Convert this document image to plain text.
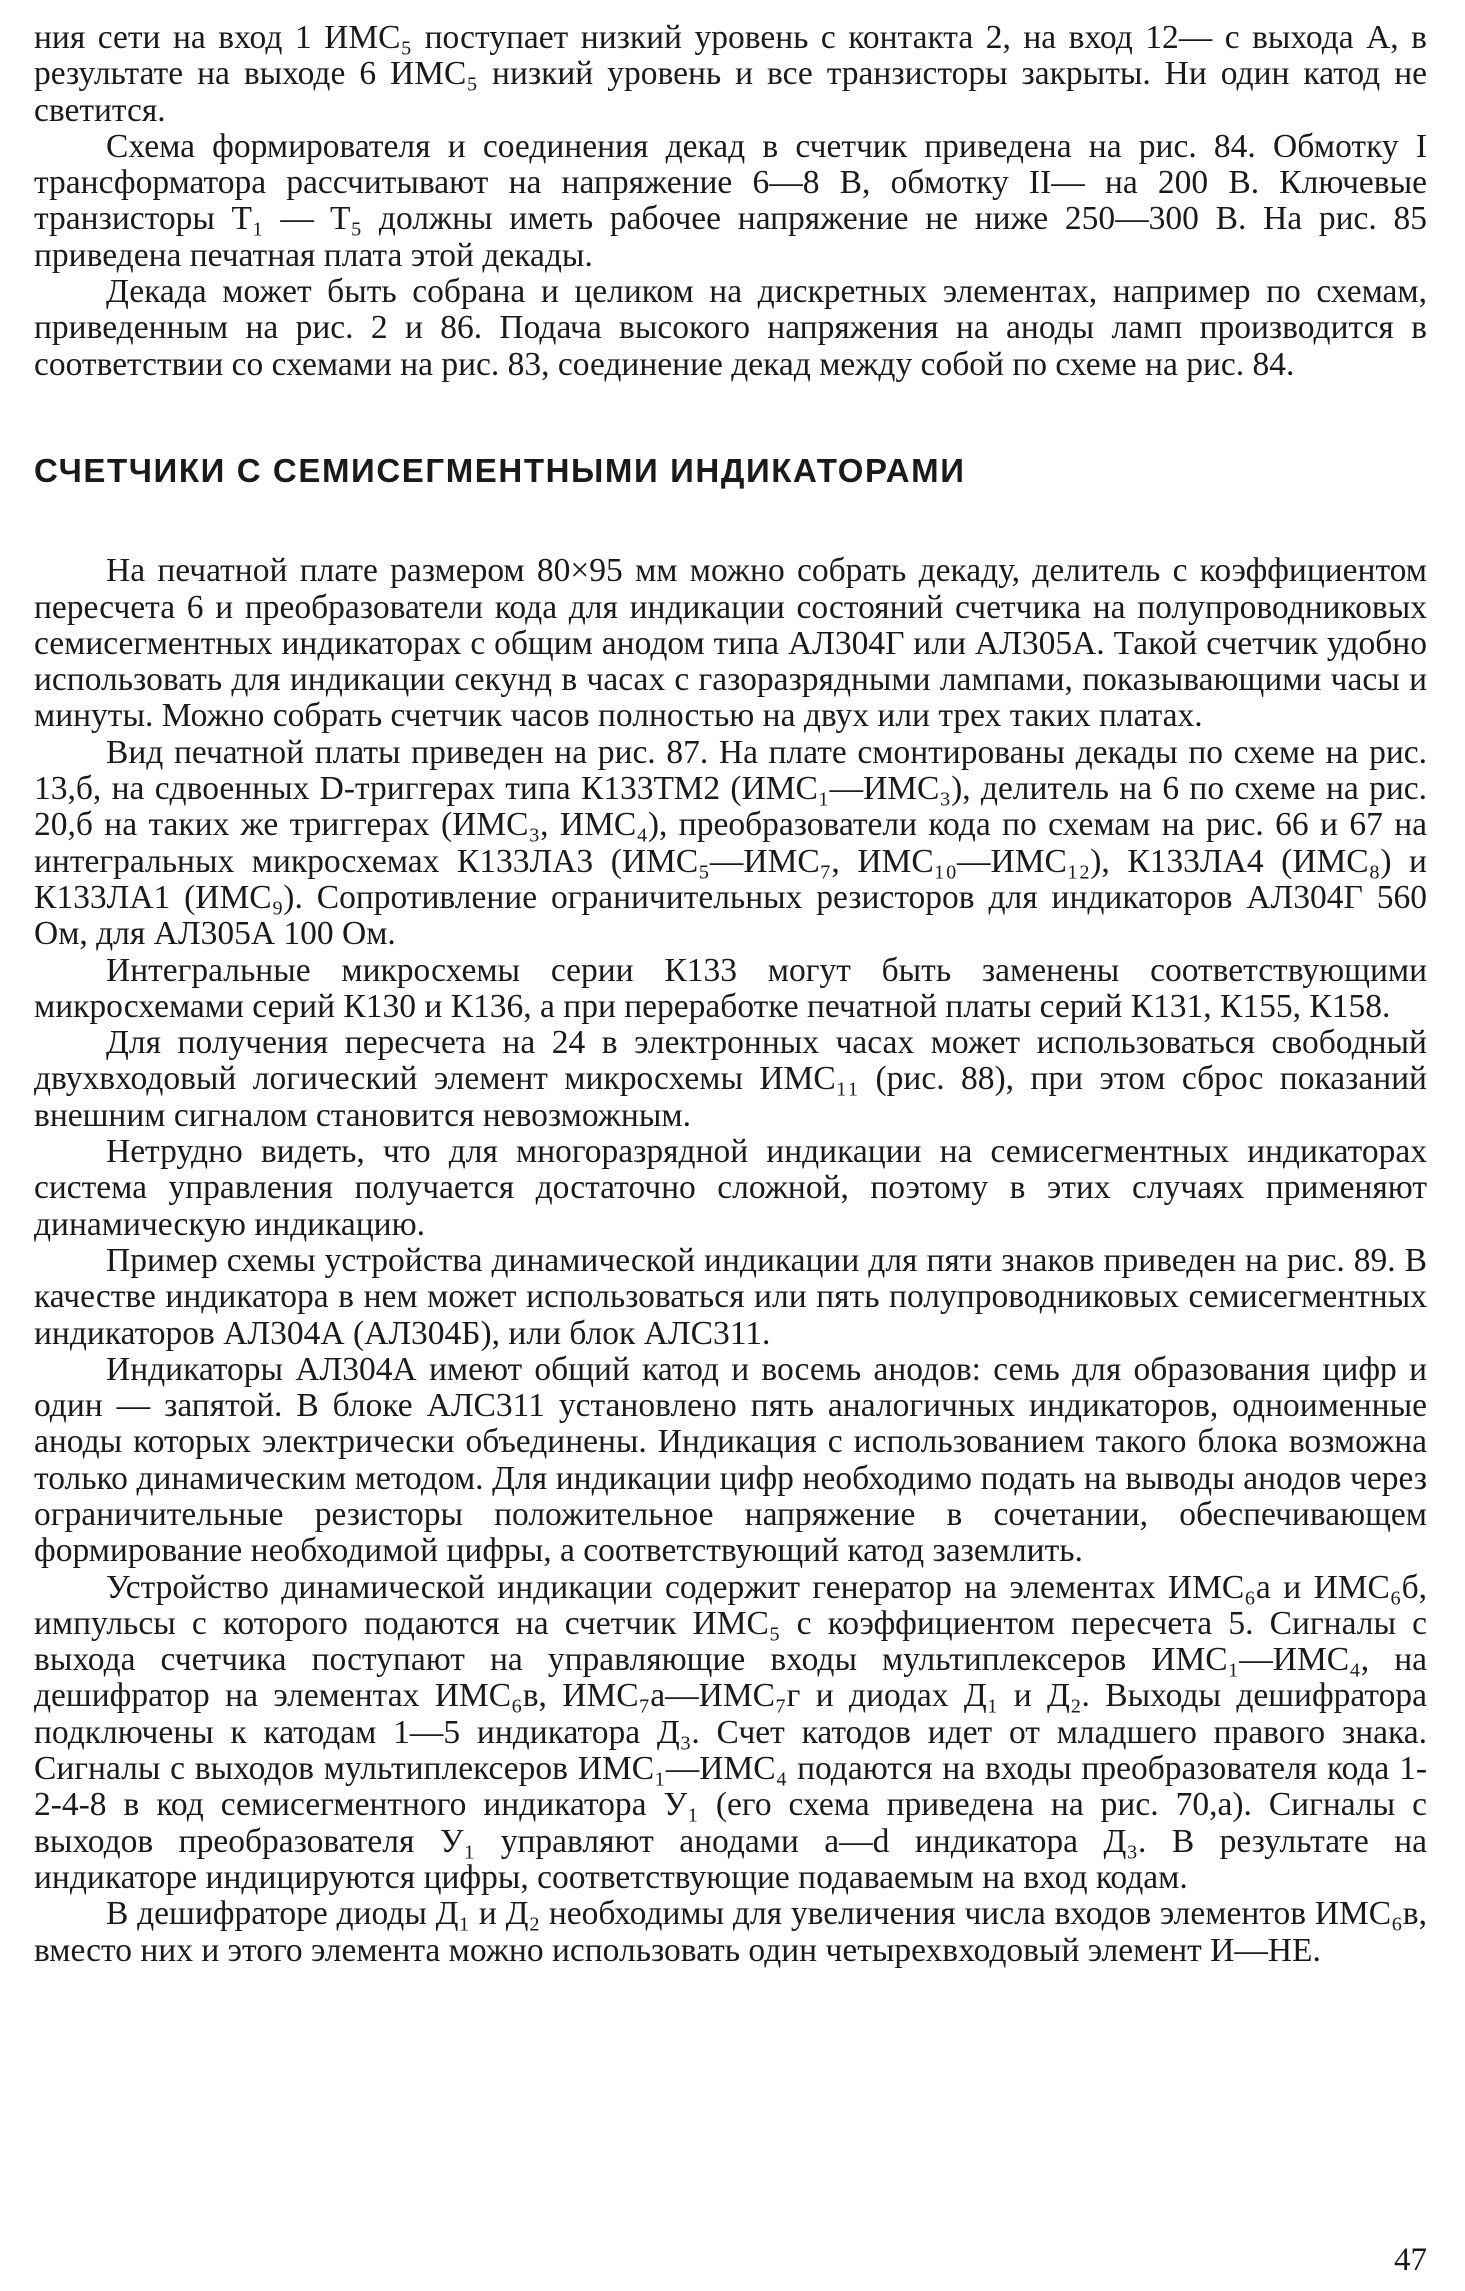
ния сети на вход 1 ИМС₅ поступает низкий уровень с контакта 2, на вход 12— с выхода А, в результате на выходе 6 ИМС₅ низкий уровень и все транзисторы закрыты. Ни один катод не светится.

Схема формирователя и соединения декад в счетчик приведена на рис. 84. Обмотку I трансформатора рассчитывают на напряжение 6—8 В, обмотку II— на 200 В. Ключевые транзисторы T₁ — T₅ должны иметь рабочее напряжение не ниже 250—300 В. На рис. 85 приведена печатная плата этой декады.

Декада может быть собрана и целиком на дискретных элементах, например по схемам, приведенным на рис. 2 и 86. Подача высокого напряжения на аноды ламп производится в соответствии со схемами на рис. 83, соединение декад между собой по схеме на рис. 84.

СЧЕТЧИКИ С СЕМИСЕГМЕНТНЫМИ ИНДИКАТОРАМИ

На печатной плате размером 80×95 мм можно собрать декаду, делитель с коэффициентом пересчета 6 и преобразователи кода для индикации состояний счетчика на полупроводниковых семисегментных индикаторах с общим анодом типа АЛ304Г или АЛ305А. Такой счетчик удобно использовать для индикации секунд в часах с газоразрядными лампами, показывающими часы и минуты. Можно собрать счетчик часов полностью на двух или трех таких платах.

Вид печатной платы приведен на рис. 87. На плате смонтированы декады по схеме на рис. 13,б, на сдвоенных D-триггерах типа К133ТМ2 (ИМС₁—ИМС₃), делитель на 6 по схеме на рис. 20,б на таких же триггерах (ИМС₃, ИМС₄), преобразователи кода по схемам на рис. 66 и 67 на интегральных микросхемах К133ЛА3 (ИМС₅—ИМС₇, ИМС₁₀—ИМС₁₂), К133ЛА4 (ИМС₈) и К133ЛА1 (ИМС₉). Сопротивление ограничительных резисторов для индикаторов АЛ304Г 560 Ом, для АЛ305А 100 Ом.

Интегральные микросхемы серии К133 могут быть заменены соответствующими микросхемами серий К130 и К136, а при переработке печатной платы серий К131, К155, К158.

Для получения пересчета на 24 в электронных часах может использоваться свободный двухвходовый логический элемент микросхемы ИМС₁₁ (рис. 88), при этом сброс показаний внешним сигналом становится невозможным.

Нетрудно видеть, что для многоразрядной индикации на семисегментных индикаторах система управления получается достаточно сложной, поэтому в этих случаях применяют динамическую индикацию.

Пример схемы устройства динамической индикации для пяти знаков приведен на рис. 89. В качестве индикатора в нем может использоваться или пять полупроводниковых семисегментных индикаторов АЛ304А (АЛ304Б), или блок АЛС311.

Индикаторы АЛ304А имеют общий катод и восемь анодов: семь для образования цифр и один — запятой. В блоке АЛС311 установлено пять аналогичных индикаторов, одноименные аноды которых электрически объединены. Индикация с использованием такого блока возможна только динамическим методом. Для индикации цифр необходимо подать на выводы анодов через ограничительные резисторы положительное напряжение в сочетании, обеспечивающем формирование необходимой цифры, а соответствующий катод заземлить.

Устройство динамической индикации содержит генератор на элементах ИМС₆а и ИМС₆б, импульсы с которого подаются на счетчик ИМС₅ с коэффициентом пересчета 5. Сигналы с выхода счетчика поступают на управляющие входы мультиплексеров ИМС₁—ИМС₄, на дешифратор на элементах ИМС₆в, ИМС₇а—ИМС₇г и диодах Д₁ и Д₂. Выходы дешифратора подключены к катодам 1—5 индикатора Д₃. Счет катодов идет от младшего правого знака. Сигналы с выходов мультиплексеров ИМС₁—ИМС₄ подаются на входы преобразователя кода 1-2-4-8 в код семисегментного индикатора У₁ (его схема приведена на рис. 70,а). Сигналы с выходов преобразователя У₁ управляют анодами a—d индикатора Д₃. В результате на индикаторе индицируются цифры, соответствующие подаваемым на вход кодам.

В дешифраторе диоды Д₁ и Д₂ необходимы для увеличения числа входов элементов ИМС₆в, вместо них и этого элемента можно использовать один четырехвходовый элемент И—НЕ.

47
